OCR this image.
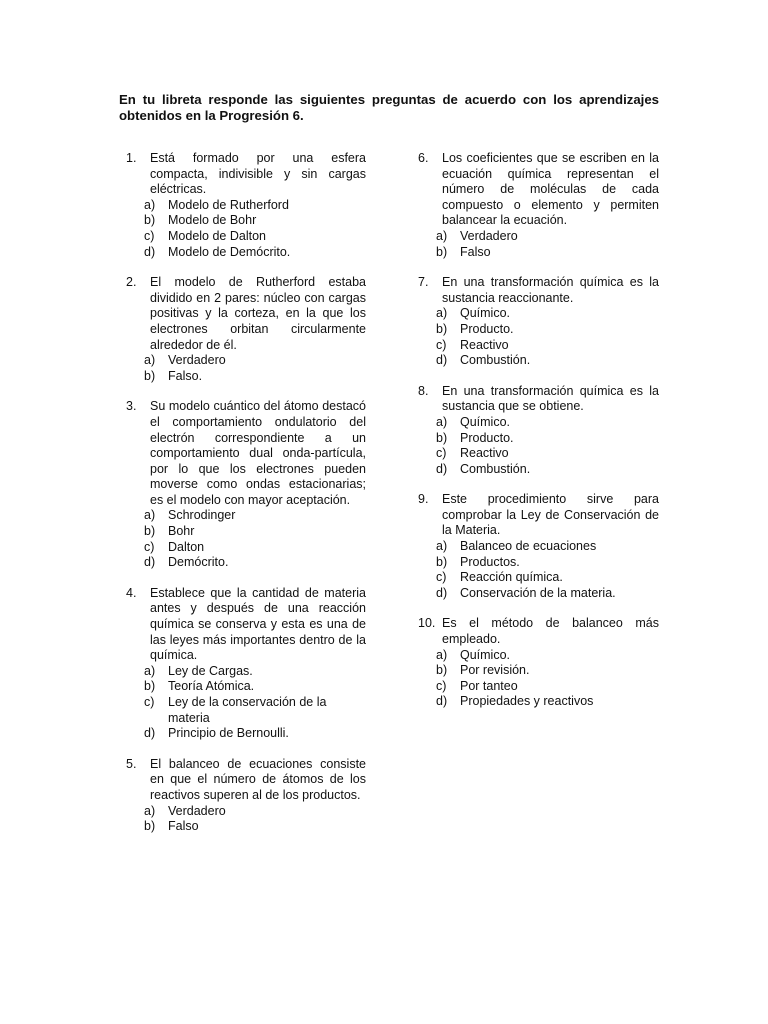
En tu libreta responde las siguientes preguntas de acuerdo con los aprendizajes obtenidos en la Progresión 6.
1. Está formado por una esfera compacta, indivisible y sin cargas eléctricas.
a) Modelo de Rutherford
b) Modelo de Bohr
c) Modelo de Dalton
d) Modelo de Demócrito.
2. El modelo de Rutherford estaba dividido en 2 pares: núcleo con cargas positivas y la corteza, en la que los electrones orbitan circularmente alrededor de él.
a) Verdadero
b) Falso.
3. Su modelo cuántico del átomo destacó el comportamiento ondulatorio del electrón correspondiente a un comportamiento dual onda-partícula, por lo que los electrones pueden moverse como ondas estacionarias; es el modelo con mayor aceptación.
a) Schrodinger
b) Bohr
c) Dalton
d) Demócrito.
4. Establece que la cantidad de materia antes y después de una reacción química se conserva y esta es una de las leyes más importantes dentro de la química.
a) Ley de Cargas.
b) Teoría Atómica.
c) Ley de la conservación de la materia
d) Principio de Bernoulli.
5. El balanceo de ecuaciones consiste en que el número de átomos de los reactivos superen al de los productos.
a) Verdadero
b) Falso
6. Los coeficientes que se escriben en la ecuación química representan el número de moléculas de cada compuesto o elemento y permiten balancear la ecuación.
a) Verdadero
b) Falso
7. En una transformación química es la sustancia reaccionante.
a) Químico.
b) Producto.
c) Reactivo
d) Combustión.
8. En una transformación química es la sustancia que se obtiene.
a) Químico.
b) Producto.
c) Reactivo
d) Combustión.
9. Este procedimiento sirve para comprobar la Ley de Conservación de la Materia.
a) Balanceo de ecuaciones
b) Productos.
c) Reacción química.
d) Conservación de la materia.
10. Es el método de balanceo más empleado.
a) Químico.
b) Por revisión.
c) Por tanteo
d) Propiedades y reactivos
